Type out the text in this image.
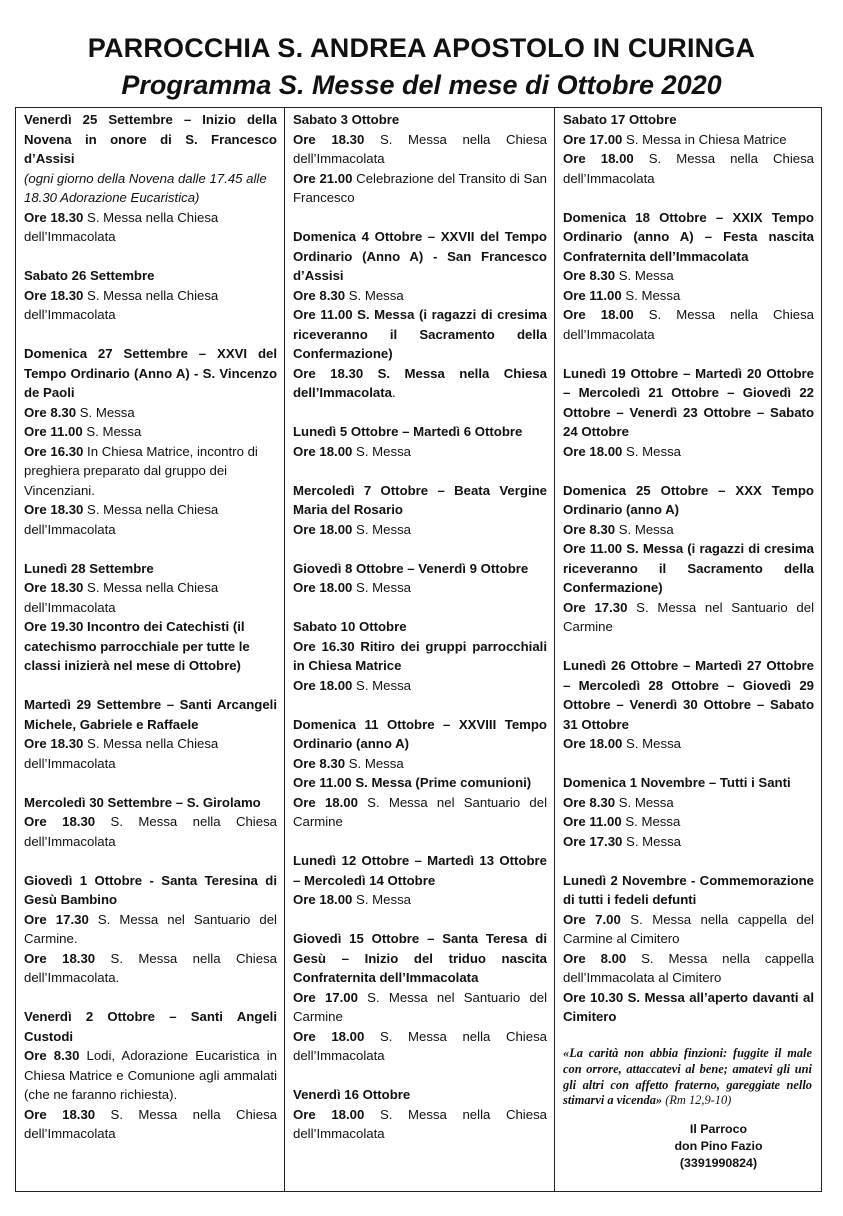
PARROCCHIA S. ANDREA APOSTOLO IN CURINGA
Programma S. Messe del mese di Ottobre 2020

Venerdì 25 Settembre – Inizio della Novena in onore di S. Francesco d’Assisi

(ogni giorno della Novena dalle 17.45 alle 18.30 Adorazione Eucaristica)

Ore 18.30 S. Messa nella Chiesa dell’Immacolata

Sabato 26 Settembre

Ore 18.30 S. Messa nella Chiesa dell’Immacolata

Domenica 27 Settembre – XXVI del Tempo Ordinario (Anno A) - S. Vincenzo de Paoli

Ore 8.30 S. Messa

Ore 11.00 S. Messa

Ore 16.30 In Chiesa Matrice, incontro di preghiera preparato dal gruppo dei Vincenziani.

Ore 18.30 S. Messa nella Chiesa dell’Immacolata

Lunedì 28 Settembre

Ore 18.30 S. Messa nella Chiesa dell’Immacolata

Ore 19.30 Incontro dei Catechisti (il catechismo parrocchiale per tutte le classi inizierà nel mese di Ottobre)

Martedì 29 Settembre – Santi Arcangeli Michele, Gabriele e Raffaele

Ore 18.30 S. Messa nella Chiesa dell’Immacolata

Mercoledì 30 Settembre – S. Girolamo

Ore 18.30 S. Messa nella Chiesa dell’Immacolata

Giovedì 1 Ottobre - Santa Teresina di Gesù Bambino

Ore 17.30 S. Messa nel Santuario del Carmine.

Ore 18.30 S. Messa nella Chiesa dell’Immacolata.

Venerdì 2 Ottobre – Santi Angeli Custodi

Ore 8.30 Lodi, Adorazione Eucaristica in Chiesa Matrice e Comunione agli ammalati (che ne faranno richiesta).

Ore 18.30 S. Messa nella Chiesa dell’Immacolata

Sabato 3 Ottobre

Ore 18.30 S. Messa nella Chiesa dell’Immacolata

Ore 21.00 Celebrazione del Transito di San Francesco

Domenica 4 Ottobre – XXVII del Tempo Ordinario (Anno A) - San Francesco d’Assisi

Ore 8.30 S. Messa

Ore 11.00 S. Messa (i ragazzi di cresima riceveranno il Sacramento della Confermazione)

Ore 18.30 S. Messa nella Chiesa dell’Immacolata.

Lunedì 5 Ottobre – Martedì 6 Ottobre

Ore 18.00 S. Messa

Mercoledì 7 Ottobre – Beata Vergine Maria del Rosario

Ore 18.00 S. Messa

Giovedì 8 Ottobre – Venerdì 9 Ottobre

Ore 18.00 S. Messa

Sabato 10 Ottobre

Ore 16.30 Ritiro dei gruppi parrocchiali in Chiesa Matrice

Ore 18.00 S. Messa

Domenica 11 Ottobre – XXVIII Tempo Ordinario (anno A)

Ore 8.30 S. Messa

Ore 11.00 S. Messa (Prime comunioni)

Ore 18.00 S. Messa nel Santuario del Carmine

Lunedì 12 Ottobre – Martedì 13 Ottobre – Mercoledì 14 Ottobre

Ore 18.00 S. Messa

Giovedì 15 Ottobre – Santa Teresa di Gesù – Inizio del triduo nascita Confraternita dell’Immacolata

Ore 17.00 S. Messa nel Santuario del Carmine

Ore 18.00 S. Messa nella Chiesa dell’Immacolata

Venerdì 16 Ottobre

Ore 18.00 S. Messa nella Chiesa dell’Immacolata

Sabato 17 Ottobre

Ore 17.00 S. Messa in Chiesa Matrice

Ore 18.00 S. Messa nella Chiesa dell’Immacolata

Domenica 18 Ottobre – XXIX Tempo Ordinario (anno A) – Festa nascita Confraternita dell’Immacolata

Ore 8.30 S. Messa

Ore 11.00 S. Messa

Ore 18.00 S. Messa nella Chiesa dell’Immacolata

Lunedì 19 Ottobre – Martedì 20 Ottobre – Mercoledì 21 Ottobre – Giovedì 22 Ottobre – Venerdì 23 Ottobre – Sabato 24 Ottobre

Ore 18.00 S. Messa

Domenica 25 Ottobre – XXX Tempo Ordinario (anno A)

Ore 8.30 S. Messa

Ore 11.00 S. Messa (i ragazzi di cresima riceveranno il Sacramento della Confermazione)

Ore 17.30 S. Messa nel Santuario del Carmine

Lunedì 26 Ottobre – Martedì 27 Ottobre – Mercoledì 28 Ottobre – Giovedì 29 Ottobre – Venerdì 30 Ottobre – Sabato 31 Ottobre

Ore 18.00 S. Messa

Domenica 1 Novembre – Tutti i Santi

Ore 8.30 S. Messa

Ore 11.00 S. Messa

Ore 17.30 S. Messa

Lunedì 2 Novembre - Commemorazione di tutti i fedeli defunti

Ore 7.00 S. Messa nella cappella del Carmine al Cimitero

Ore 8.00 S. Messa nella cappella dell’Immacolata al Cimitero

Ore 10.30 S. Messa all’aperto davanti al Cimitero

«La carità non abbia finzioni: fuggite il male con orrore, attaccatevi al bene; amatevi gli uni gli altri con affetto fraterno, gareggiate nello stimarvi a vicenda» (Rm 12,9-10)
Il Parroco
don Pino Fazio
(3391990824)
